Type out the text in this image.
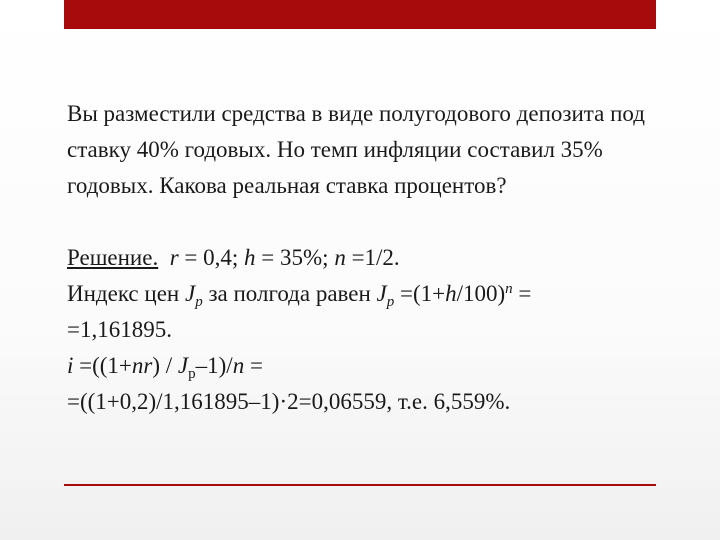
Вы разместили средства в виде полугодового депозита под ставку 40% годовых. Но темп инфляции составил 35% годовых. Какова реальная ставка процентов?
Решение. r = 0,4; h = 35%; n =1/2.
Индекс цен $J_p$ за полгода равен $J_p =(1+h/100)^n$ =
=1,161895.
$i =((1+nr) / J_p-1)/n$ =
=((1+0,2)/1,161895–1)·2=0,06559, т.е. 6,559%.
